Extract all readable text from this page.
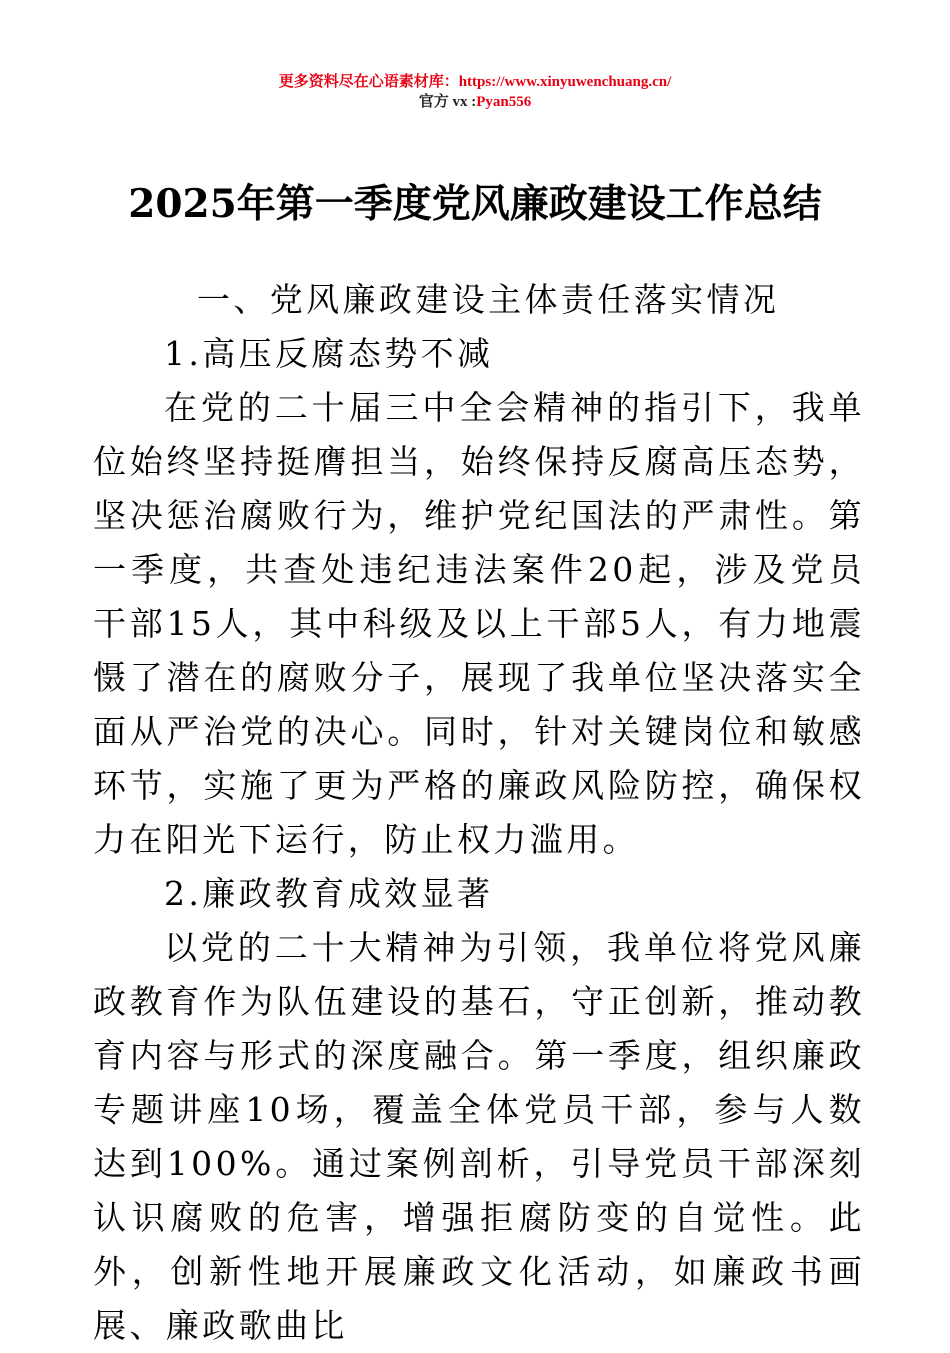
更多资料尽在心语素材库：https://www.xinyuwenchuang.cn/
官方 vx :Pyan556
2025年第一季度党风廉政建设工作总结

一、党风廉政建设主体责任落实情况

1.高压反腐态势不减

在党的二十届三中全会精神的指引下，我单位始终坚持挺膺担当，始终保持反腐高压态势，坚决惩治腐败行为，维护党纪国法的严肃性。第一季度，共查处违纪违法案件20起，涉及党员干部15人，其中科级及以上干部5人，有力地震慑了潜在的腐败分子，展现了我单位坚决落实全面从严治党的决心。同时，针对关键岗位和敏感环节，实施了更为严格的廉政风险防控，确保权力在阳光下运行，防止权力滥用。

2.廉政教育成效显著

以党的二十大精神为引领，我单位将党风廉政教育作为队伍建设的基石，守正创新，推动教育内容与形式的深度融合。第一季度，组织廉政专题讲座10场，覆盖全体党员干部，参与人数达到100%。通过案例剖析，引导党员干部深刻认识腐败的危害，增强拒腐防变的自觉性。此外，创新性地开展廉政文化活动，如廉政书画展、廉政歌曲比
